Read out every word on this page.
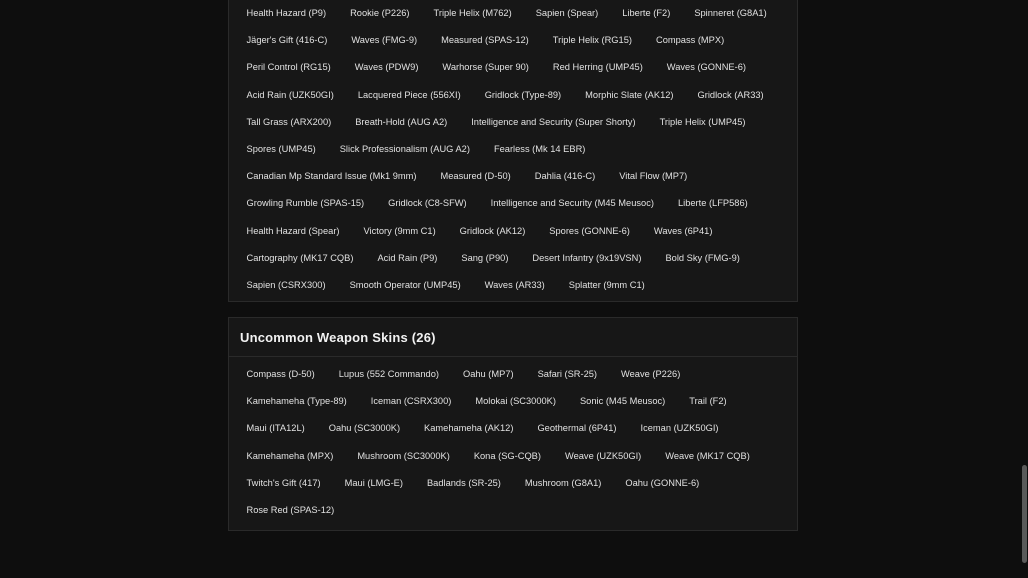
Health Hazard (P9)	Rookie (P226)	Triple Helix (M762)	Sapien (Spear)	Liberte (F2)	Spinneret (G8A1)
Jäger's Gift (416-C)	Waves (FMG-9)	Measured (SPAS-12)	Triple Helix (RG15)	Compass (MPX)
Peril Control (RG15)	Waves (PDW9)	Warhorse (Super 90)	Red Herring (UMP45)	Waves (GONNE-6)
Acid Rain (UZK50GI)	Lacquered Piece (556XI)	Gridlock (Type-89)	Morphic Slate (AK12)	Gridlock (AR33)
Tall Grass (ARX200)	Breath-Hold (AUG A2)	Intelligence and Security (Super Shorty)	Triple Helix (UMP45)
Spores (UMP45)	Slick Professionalism (AUG A2)	Fearless (Mk 14 EBR)
Canadian Mp Standard Issue (Mk1 9mm)	Measured (D-50)	Dahlia (416-C)	Vital Flow (MP7)
Growling Rumble (SPAS-15)	Gridlock (C8-SFW)	Intelligence and Security (M45 Meusoc)	Liberte (LFP586)
Health Hazard (Spear)	Victory (9mm C1)	Gridlock (AK12)	Spores (GONNE-6)	Waves (6P41)
Cartography (MK17 CQB)	Acid Rain (P9)	Sang (P90)	Desert Infantry (9x19VSN)	Bold Sky (FMG-9)
Sapien (CSRX300)	Smooth Operator (UMP45)	Waves (AR33)	Splatter (9mm C1)
Uncommon Weapon Skins (26)
Compass (D-50)	Lupus (552 Commando)	Oahu (MP7)	Safari (SR-25)	Weave (P226)
Kamehameha (Type-89)	Iceman (CSRX300)	Molokai (SC3000K)	Sonic (M45 Meusoc)	Trail (F2)
Maui (ITA12L)	Oahu (SC3000K)	Kamehameha (AK12)	Geothermal (6P41)	Iceman (UZK50GI)
Kamehameha (MPX)	Mushroom (SC3000K)	Kona (SG-CQB)	Weave (UZK50GI)	Weave (MK17 CQB)
Twitch's Gift (417)	Maui (LMG-E)	Badlands (SR-25)	Mushroom (G8A1)	Oahu (GONNE-6)
Rose Red (SPAS-12)
